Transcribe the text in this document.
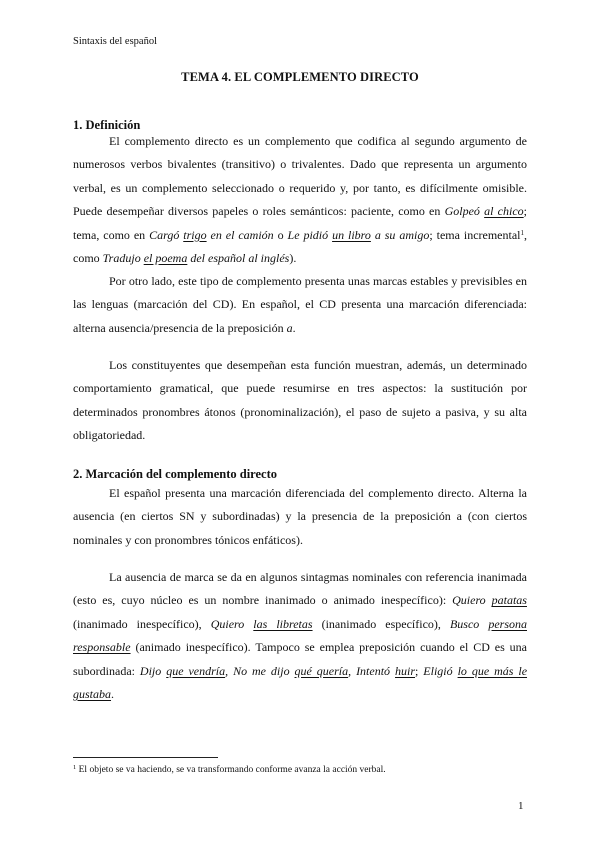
Sintaxis del español
TEMA 4. EL COMPLEMENTO DIRECTO
1. Definición

El complemento directo es un complemento que codifica al segundo argumento de numerosos verbos bivalentes (transitivo) o trivalentes. Dado que representa un argumento verbal, es un complemento seleccionado o requerido y, por tanto, es difícilmente omisible. Puede desempeñar diversos papeles o roles semánticos: paciente, como en Golpeó al chico; tema, como en Cargó trigo en el camión o Le pidió un libro a su amigo; tema incremental$^1$, como Tradujo el poema del español al inglés).

Por otro lado, este tipo de complemento presenta unas marcas estables y previsibles en las lenguas (marcación del CD). En español, el CD presenta una marcación diferenciada: alterna ausencia/presencia de la preposición a.

Los constituyentes que desempeñan esta función muestran, además, un determinado comportamiento gramatical, que puede resumirse en tres aspectos: la sustitución por determinados pronombres átonos (pronominalización), el paso de sujeto a pasiva, y su alta obligatoriedad.

2. Marcación del complemento directo

El español presenta una marcación diferenciada del complemento directo. Alterna la ausencia (en ciertos SN y subordinadas) y la presencia de la preposición a (con ciertos nominales y con pronombres tónicos enfáticos).

La ausencia de marca se da en algunos sintagmas nominales con referencia inanimada (esto es, cuyo núcleo es un nombre inanimado o animado inespecífico): Quiero patatas (inanimado inespecífico), Quiero las libretas (inanimado específico), Busco persona responsable (animado inespecífico). Tampoco se emplea preposición cuando el CD es una subordinada: Dijo que vendría, No me dijo qué quería, Intentó huir; Eligió lo que más le gustaba.

$^1$ El objeto se va haciendo, se va transformando conforme avanza la acción verbal.
1
